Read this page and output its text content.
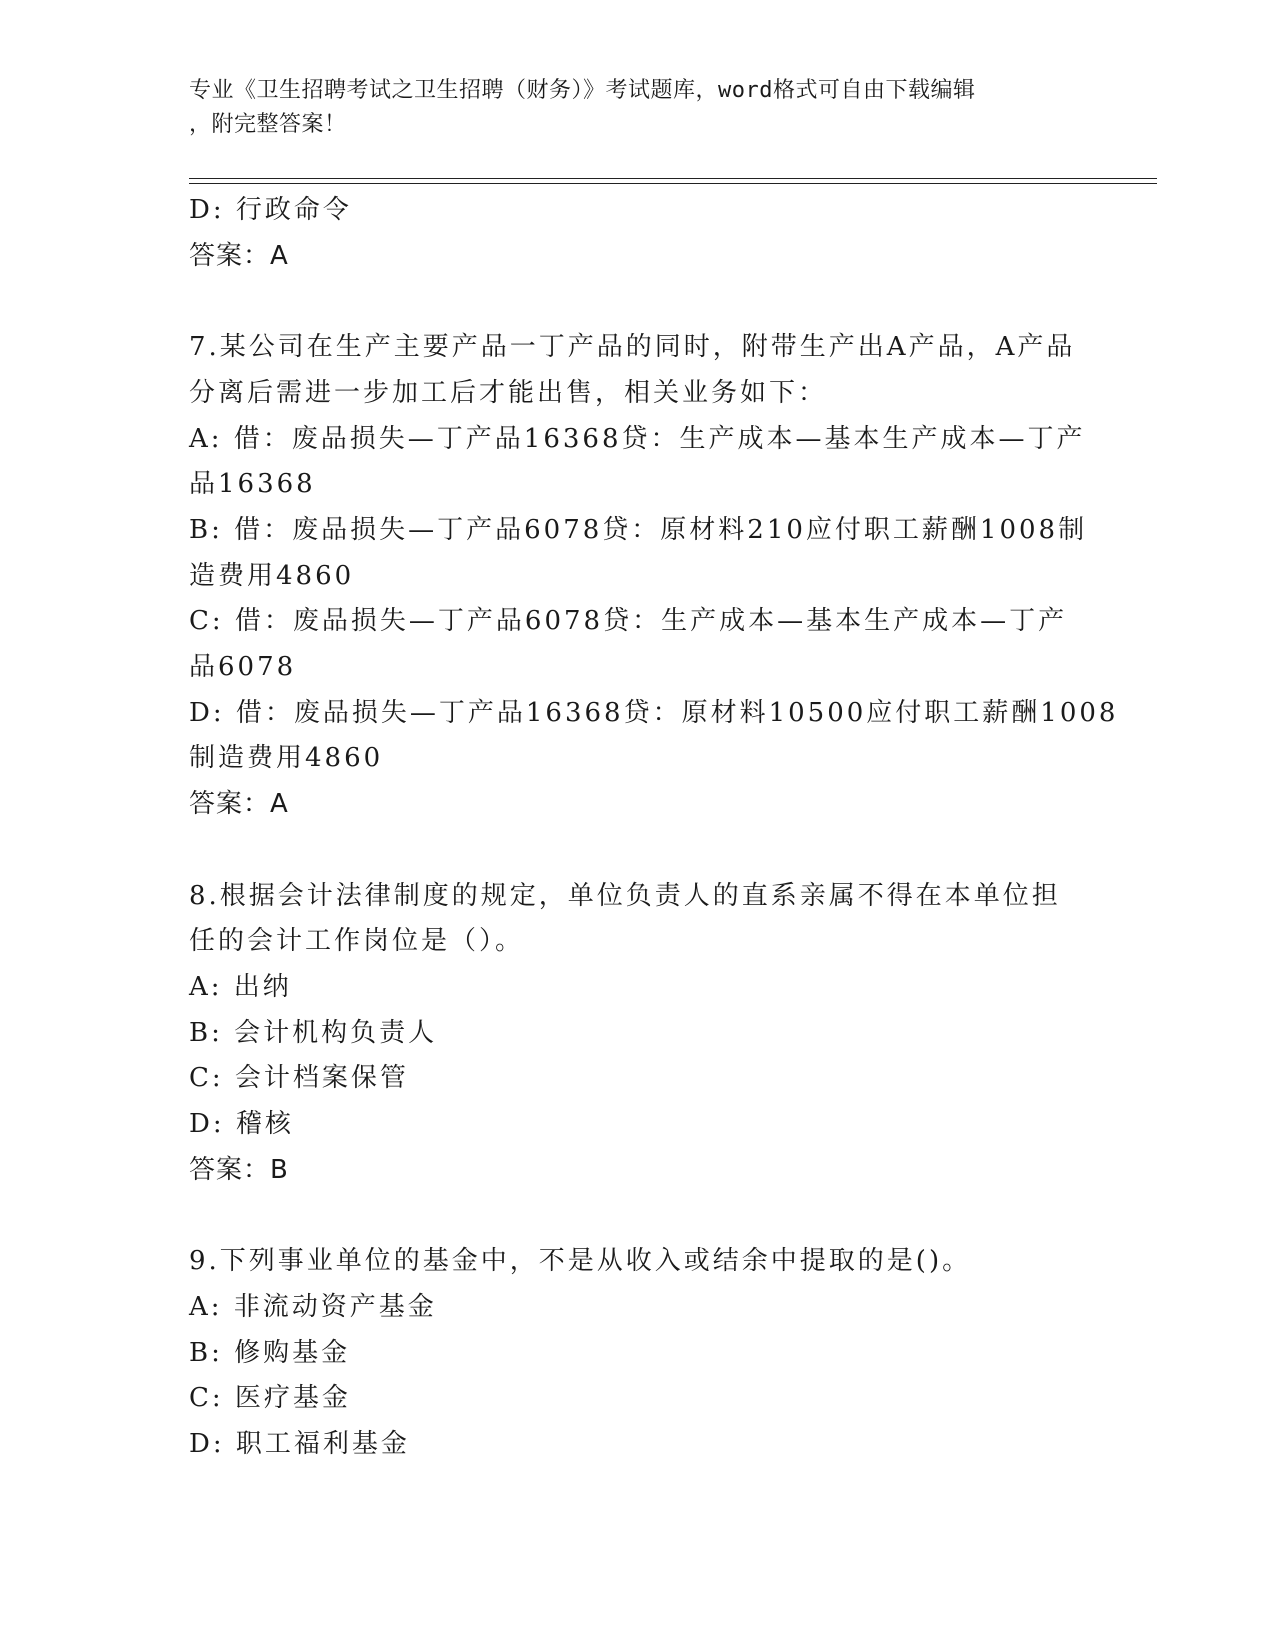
专业《卫生招聘考试之卫生招聘（财务）》考试题库，word格式可自由下载编辑
，附完整答案！
D: 行政命令
答案：A
7.某公司在生产主要产品一丁产品的同时，附带生产出A产品，A产品
分离后需进一步加工后才能出售，相关业务如下：
A: 借：废品损失—丁产品16368贷：生产成本—基本生产成本—丁产
品16368
B: 借：废品损失—丁产品6078贷：原材料210应付职工薪酬1008制
造费用4860
C: 借：废品损失—丁产品6078贷：生产成本—基本生产成本—丁产
品6078
D: 借：废品损失—丁产品16368贷：原材料10500应付职工薪酬1008
制造费用4860
答案：A
8.根据会计法律制度的规定，单位负责人的直系亲属不得在本单位担
任的会计工作岗位是（）。
A: 出纳
B: 会计机构负责人
C: 会计档案保管
D: 稽核
答案：B
9.下列事业单位的基金中，不是从收入或结余中提取的是()。
A: 非流动资产基金
B: 修购基金
C: 医疗基金
D: 职工福利基金
